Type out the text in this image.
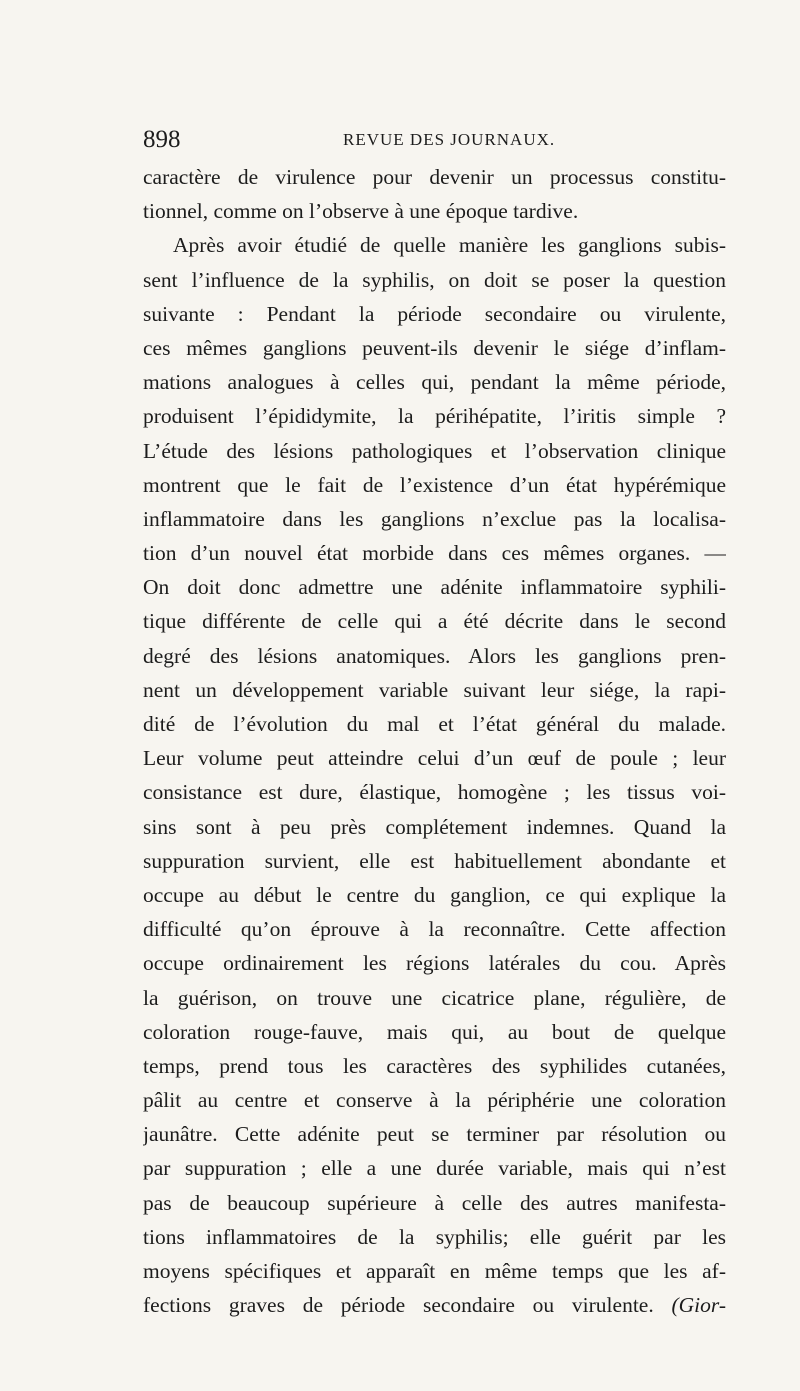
898	REVUE DES JOURNAUX.
caractère de virulence pour devenir un processus constitu-
tionnel, comme on l’observe à une époque tardive.
Après avoir étudié de quelle manière les ganglions subis-
sent l’influence de la syphilis, on doit se poser la question
suivante : Pendant la période secondaire ou virulente,
ces mêmes ganglions peuvent-ils devenir le siége d’inflam-
mations analogues à celles qui, pendant la même période,
produisent l’épididymite, la périhépatite, l’iritis simple ?
L’étude des lésions pathologiques et l’observation clinique
montrent que le fait de l’existence d’un état hypérémique
inflammatoire dans les ganglions n’exclue pas la localisa-
tion d’un nouvel état morbide dans ces mêmes organes. —
On doit donc admettre une adénite inflammatoire syphili-
tique différente de celle qui a été décrite dans le second
degré des lésions anatomiques. Alors les ganglions pren-
nent un développement variable suivant leur siége, la rapi-
dité de l’évolution du mal et l’état général du malade.
Leur volume peut atteindre celui d’un œuf de poule ; leur
consistance est dure, élastique, homogène ; les tissus voi-
sins sont à peu près complétement indemnes. Quand la
suppuration survient, elle est habituellement abondante et
occupe au début le centre du ganglion, ce qui explique la
difficulté qu’on éprouve à la reconnaître. Cette affection
occupe ordinairement les régions latérales du cou. Après
la guérison, on trouve une cicatrice plane, régulière, de
coloration rouge-fauve, mais qui, au bout de quelque
temps, prend tous les caractères des syphilides cutanées,
pâlit au centre et conserve à la périphérie une coloration
jaunâtre. Cette adénite peut se terminer par résolution ou
par suppuration ; elle a une durée variable, mais qui n’est
pas de beaucoup supérieure à celle des autres manifesta-
tions inflammatoires de la syphilis; elle guérit par les
moyens spécifiques et apparaît en même temps que les af-
fections graves de période secondaire ou virulente. (Gior-
